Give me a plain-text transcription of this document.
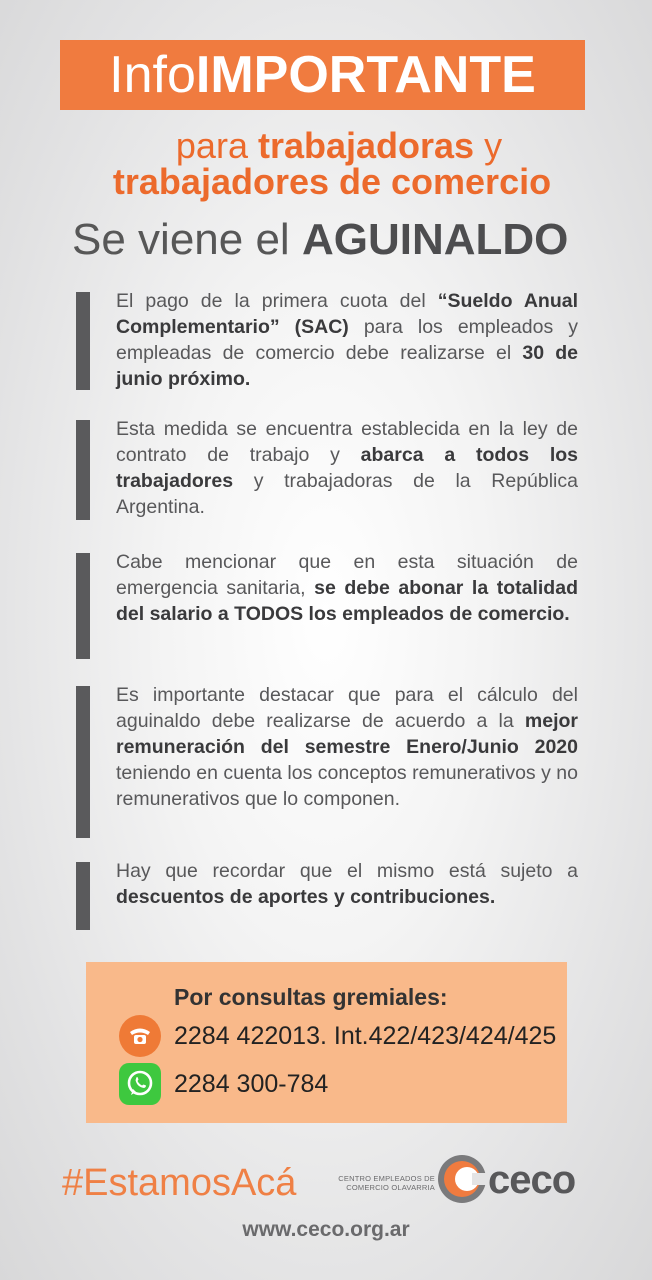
Info IMPORTANTE
para trabajadoras y
trabajadores de comercio
Se viene el AGUINALDO
El pago de la primera cuota del “Sueldo Anual Complementario” (SAC) para los empleados y empleadas de comercio debe realizarse el 30 de junio próximo.
Esta medida se encuentra establecida en la ley de contrato de trabajo y abarca a todos los trabajadores y trabajadoras de la República Argentina.
Cabe mencionar que en esta situación de emergencia sanitaria, se debe abonar la totalidad del salario a TODOS los empleados de comercio.
Es importante destacar que para el cálculo del aguinaldo debe realizarse de acuerdo a la mejor remuneración del semestre Enero/Junio 2020 teniendo en cuenta los conceptos remunerativos y no remunerativos que lo componen.
Hay que recordar que el mismo está sujeto a descuentos de aportes y contribuciones.
Por consultas gremiales:
2284 422013. Int.422/423/424/425
2284 300-784
#EstamosAcá	CENTRO EMPLEADOS DE
COMERCIO OLAVARRIA ceco
www.ceco.org.ar
